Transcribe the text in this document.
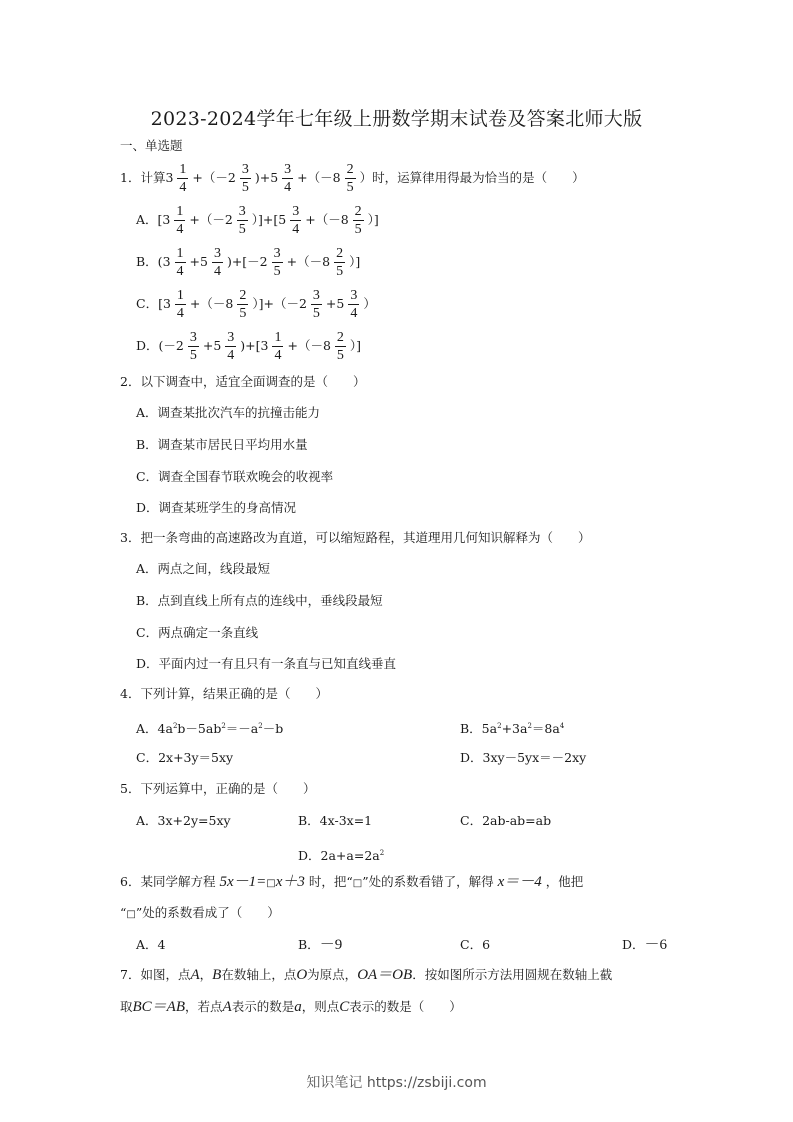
2023-2024学年七年级上册数学期末试卷及答案北师大版
一、单选题
1．计算$3 \frac{1}{4} +(-2 \frac{3}{5} )+5 \frac{3}{4} +(-8 \frac{2}{5}$ ）时，运算律用得最为恰当的是（　　）
A．$[3 \frac{1}{4} +(-2 \frac{3}{5} )]+[5 \frac{3}{4} +(-8 \frac{2}{5}$ ）]
B．$(3 \frac{1}{4} +5 \frac{3}{4} )+[-2 \frac{3}{5} +(-8 \frac{2}{5}$ ）]
C．$[3 \frac{1}{4} +(-8 \frac{2}{5} )]+(-2 \frac{3}{5} +5 \frac{3}{4}$ ）
D．$(-2 \frac{3}{5} +5 \frac{3}{4} )+[3 \frac{1}{4} +(-8 \frac{2}{5}$ ）]
2．以下调查中，适宜全面调查的是（　　）
A．调查某批次汽车的抗撞击能力
B．调查某市居民日平均用水量
C．调查全国春节联欢晚会的收视率
D．调查某班学生的身高情况
3．把一条弯曲的高速路改为直道，可以缩短路程，其道理用几何知识解释为（　　）
A．两点之间，线段最短
B．点到直线上所有点的连线中，垂线段最短
C．两点确定一条直线
D．平面内过一有且只有一条直与已知直线垂直
4．下列计算，结果正确的是（　　）
A．$4a^2b-5ab^2=-a^2-b$	B．$5a^2+3a^2=8a^4$
C．2x+3y＝5xy	D．3xy－5yx＝－2xy
5．下列运算中，正确的是（　　）
A．3x+2y=5xy	B．4x-3x=1	C．2ab-ab=ab
D．$2a+a=2a^2$
6．某同学解方程 5x－1=□x＋3 时，把“□”处的系数看错了，解得 x＝－4 ，他把
“□”处的系数看成了（　　）
A．4	B．－9	C．6	D．－6
7．如图，点A，B在数轴上，点O为原点，OA＝OB．按如图所示方法用圆规在数轴上截
取BC＝AB，若点A表示的数是a，则点C表示的数是（　　）
知识笔记 https://zsbiji.com
